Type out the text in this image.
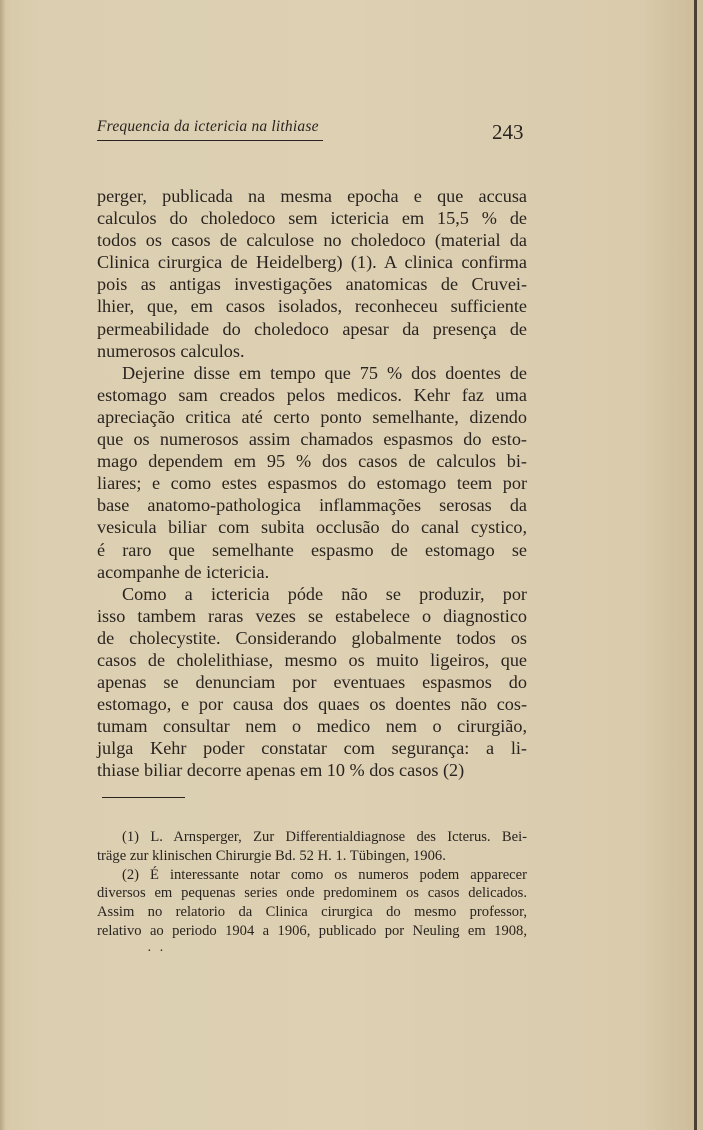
Frequencia da ictericia na lithiase	243
perger, publicada na mesma epocha e que accusa
calculos do choledoco sem ictericia em 15,5 % de
todos os casos de calculose no choledoco (material da
Clinica cirurgica de Heidelberg) (1). A clinica confirma
pois as antigas investigações anatomicas de Cruvei-
lhier, que, em casos isolados, reconheceu sufficiente
permeabilidade do choledoco apesar da presença de
numerosos calculos.
Dejerine disse em tempo que 75 % dos doentes de
estomago sam creados pelos medicos. Kehr faz uma
apreciação critica até certo ponto semelhante, dizendo
que os numerosos assim chamados espasmos do esto-
mago dependem em 95 % dos casos de calculos bi-
liares; e como estes espasmos do estomago teem por
base anatomo-pathologica inflammações serosas da
vesicula biliar com subita occlusão do canal cystico,
é raro que semelhante espasmo de estomago se
acompanhe de ictericia.
Como a ictericia póde não se produzir, por
isso tambem raras vezes se estabelece o diagnostico
de cholecystite. Considerando globalmente todos os
casos de cholelithiase, mesmo os muito ligeiros, que
apenas se denunciam por eventuaes espasmos do
estomago, e por causa dos quaes os doentes não cos-
tumam consultar nem o medico nem o cirurgião,
julga Kehr poder constatar com segurança: a li-
thiase biliar decorre apenas em 10 % dos casos (2)
(1) L. Arnsperger, Zur Differentialdiagnose des Icterus. Bei-
träge zur klinischen Chirurgie Bd. 52 H. 1. Tübingen, 1906.
(2) É interessante notar como os numeros podem apparecer
diversos em pequenas series onde predominem os casos delicados.
Assim no relatorio da Clinica cirurgica do mesmo professor,
relativo ao periodo 1904 a 1906, publicado por Neuling em 1908,
· ·
